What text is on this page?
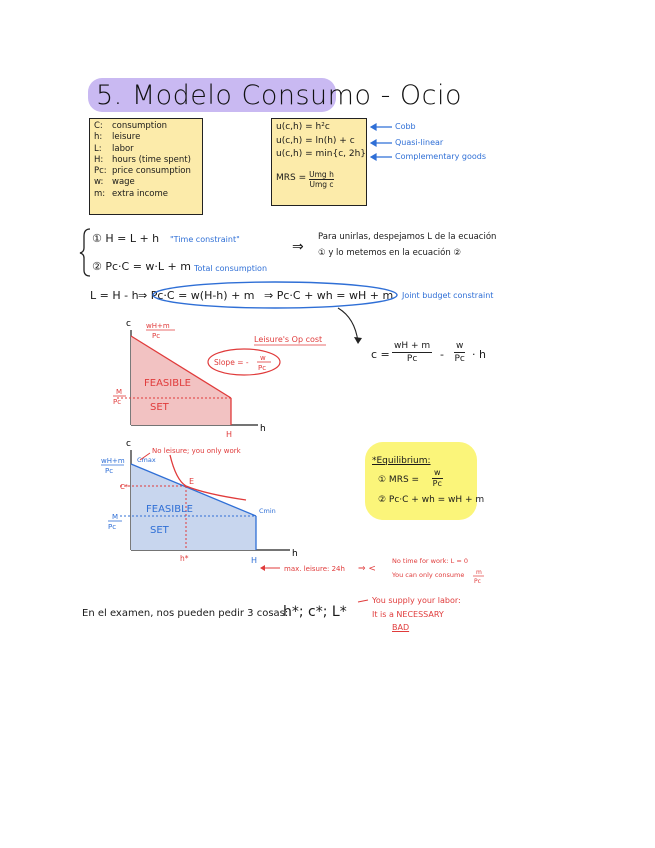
5. Modelo Consumo - Ocio
C: consumption
h: leisure
L: labor
H: hours (time spent)
Pc: price consumption
w: wage
m: extra income
u(c,h) = h²c
u(c,h) = ln(h) + c
u(c,h) = min{c, 2h}
MRS = Umg h
Umg c
Cobb
Quasi-linear
Complementary goods
① H = L + h "Time constraint"
② Pc·C = w·L + m Total consumption
⇒
Para unirlas, despejamos L de la ecuación
① y lo metemos en la ecuación ②
L = H - h ⇒ Pc·C = w(H-h) + m ⇒ Pc·C + wh = wH + m Joint budget constraint
c =
wH + m
Pc -
w
Pc · h
*Equilibrium:
① MRS =
w
Pc
② Pc·C + wh = wH + m
En el examen, nos pueden pedir 3 cosas:
h*; c*; L*
You supply your labor:
It is a NECESSARY
BAD
c
h
wH+m
Pc
M
Pc
H
FEASIBLE
SET
Leisure's Op cost
Slope = - w
Pc
c
h
wH+m
Pc
Cmax
C*
E
Cmin
M
Pc
h*	H
FEASIBLE
SET
No leisure; you only work
max. leisure: 24h ⇒ <
No time for work: L = 0
You can only consume m
Pc
